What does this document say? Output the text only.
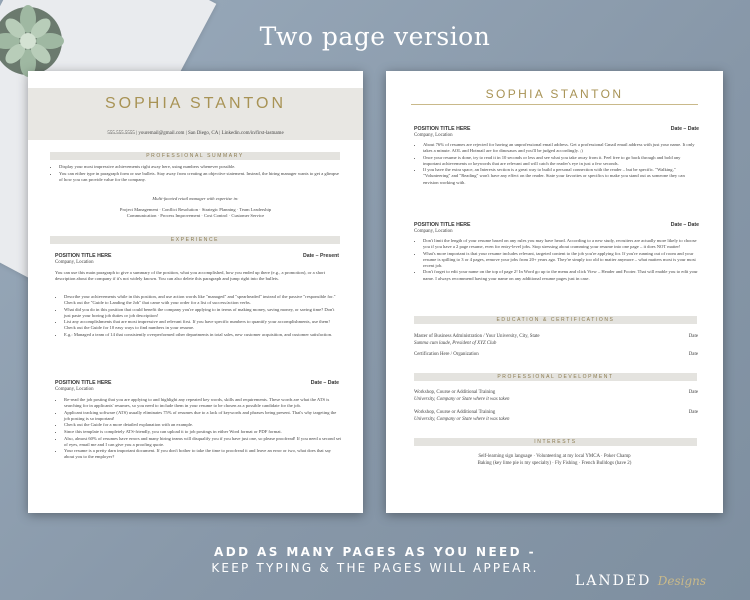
Two page version
SOPHIA STANTON
555.555.5555 | youremail@gmail.com | San Diego, CA | Linkedin.com/in/first-lastname
PROFESSIONAL SUMMARY
• Display your most impressive achievements right away here, using numbers whenever possible.
• You can either type in paragraph form or use bullets. Stay away from creating an objective statement. Instead, the hiring manager wants to get a glimpse of how you can provide value for the company.
Multi-faceted retail manager with expertise in:
Project Management · Conflict Resolution · Strategic Planning · Team Leadership
Communication · Process Improvement · Cost Control · Customer Service
EXPERIENCE
POSITION TITLE HERE	Date – Present
Company, Location
You can use this main paragraph to give a summary of the position, what you accomplished, how you ended up there (e.g., a promotion), or a short description about the company if it's not widely known. You can also delete this paragraph and jump right into the bullets.
• Describe your achievements while in this position, and use action words like "managed" and "spearheaded" instead of the passive "responsible for." Check out the "Guide to Landing the Job" that came with your order for a list of success/action verbs.
• What did you do in this position that could benefit the company you're applying to in terms of making money, saving money, or saving time? Don't just paste your boring job duties or job description!
• List any accomplishments that are most impressive and relevant first. If you have specific numbers to quantify your accomplishments, use them! Check out the Guide for 10 easy ways to find numbers in your resume.
• E.g.: Managed a team of 14 that consistently overperformed other departments in total sales, new customer acquisition, and customer satisfaction.
POSITION TITLE HERE	Date – Date
Company, Location
• Re-read the job posting that you are applying to and highlight any repeated key words, skills and requirements. These words are what the ATS is searching for in applicants' resumes, so you need to include them in your resume to be chosen as a possible candidate for the job.
• Applicant tracking software (ATS) usually eliminates 75% of resumes due to a lack of keywords and phrases being present. That's why targeting the job posting is so important!
• Check out the Guide for a more detailed explanation with an example.
• Since this template is completely ATS-friendly, you can upload it to job postings in either Word format or PDF format.
• Also, almost 60% of resumes have errors and many hiring teams will disqualify you if you have just one, so please proofread! If you need a second set of eyes, email me and I can give you a proofing quote.
• Your resume is a pretty darn important document. If you don't bother to take the time to proofread it and leave an error or two, what does that say about you to the employer?
SOPHIA STANTON
POSITION TITLE HERE	Date – Date
Company, Location
• About 76% of resumes are rejected for having an unprofessional email address. Get a professional Gmail email address with just your name. It only takes a minute. AOL and Hotmail are for dinosaurs and you'll be judged accordingly. ;)
• Once your resume is done, try to read it in 10 seconds or less and see what you take away from it. Feel free to go back through and bold any important achievements or keywords that are relevant and will catch the reader's eye in just a few seconds.
• If you have the extra space, an Interests section is a great way to build a personal connection with the reader – but be specific. "Walking," "Volunteering" and "Reading" won't have any effect on the reader. State your favorites or specifics to make you stand out as someone they can envision working with.
POSITION TITLE HERE	Date – Date
Company, Location
• Don't limit the length of your resume based on any rules you may have heard. According to a new study, recruiters are actually more likely to choose you if you have a 2 page resume, even for entry-level jobs. Stop stressing about cramming your resume into one page – it does NOT matter!
• What's more important is that your resume includes relevant, targeted content to the job you're applying for. If you're running out of room and your resume is spilling to 3 or 4 pages, remove your jobs from 20+ years ago. They're simply too old to matter anymore – what matters most is your most recent job.
• Don't forget to edit your name on the top of page 2! In Word go up to the menu and click View – Header and Footer. That will enable you to edit your name. I always recommend having your name on any additional resume pages just in case.
EDUCATION & CERTIFICATIONS
Master of Business Administration / Your University, City, State	Date
Summa cum laude, President of XYZ Club
Certification Here / Organization	Date
PROFESSIONAL DEVELOPMENT
Workshop, Course or Additional Training	Date
University, Company or State where it was taken
Workshop, Course or Additional Training	Date
University, Company or State where it was taken
INTERESTS
Self-learning sign language · Volunteering at my local YMCA · Poker Champ
Baking (key lime pie is my specialty) · Fly Fishing · French Bulldogs (have 2)
ADD AS MANY PAGES AS YOU NEED -
KEEP TYPING & THE PAGES WILL APPEAR.
LANDED Designs
